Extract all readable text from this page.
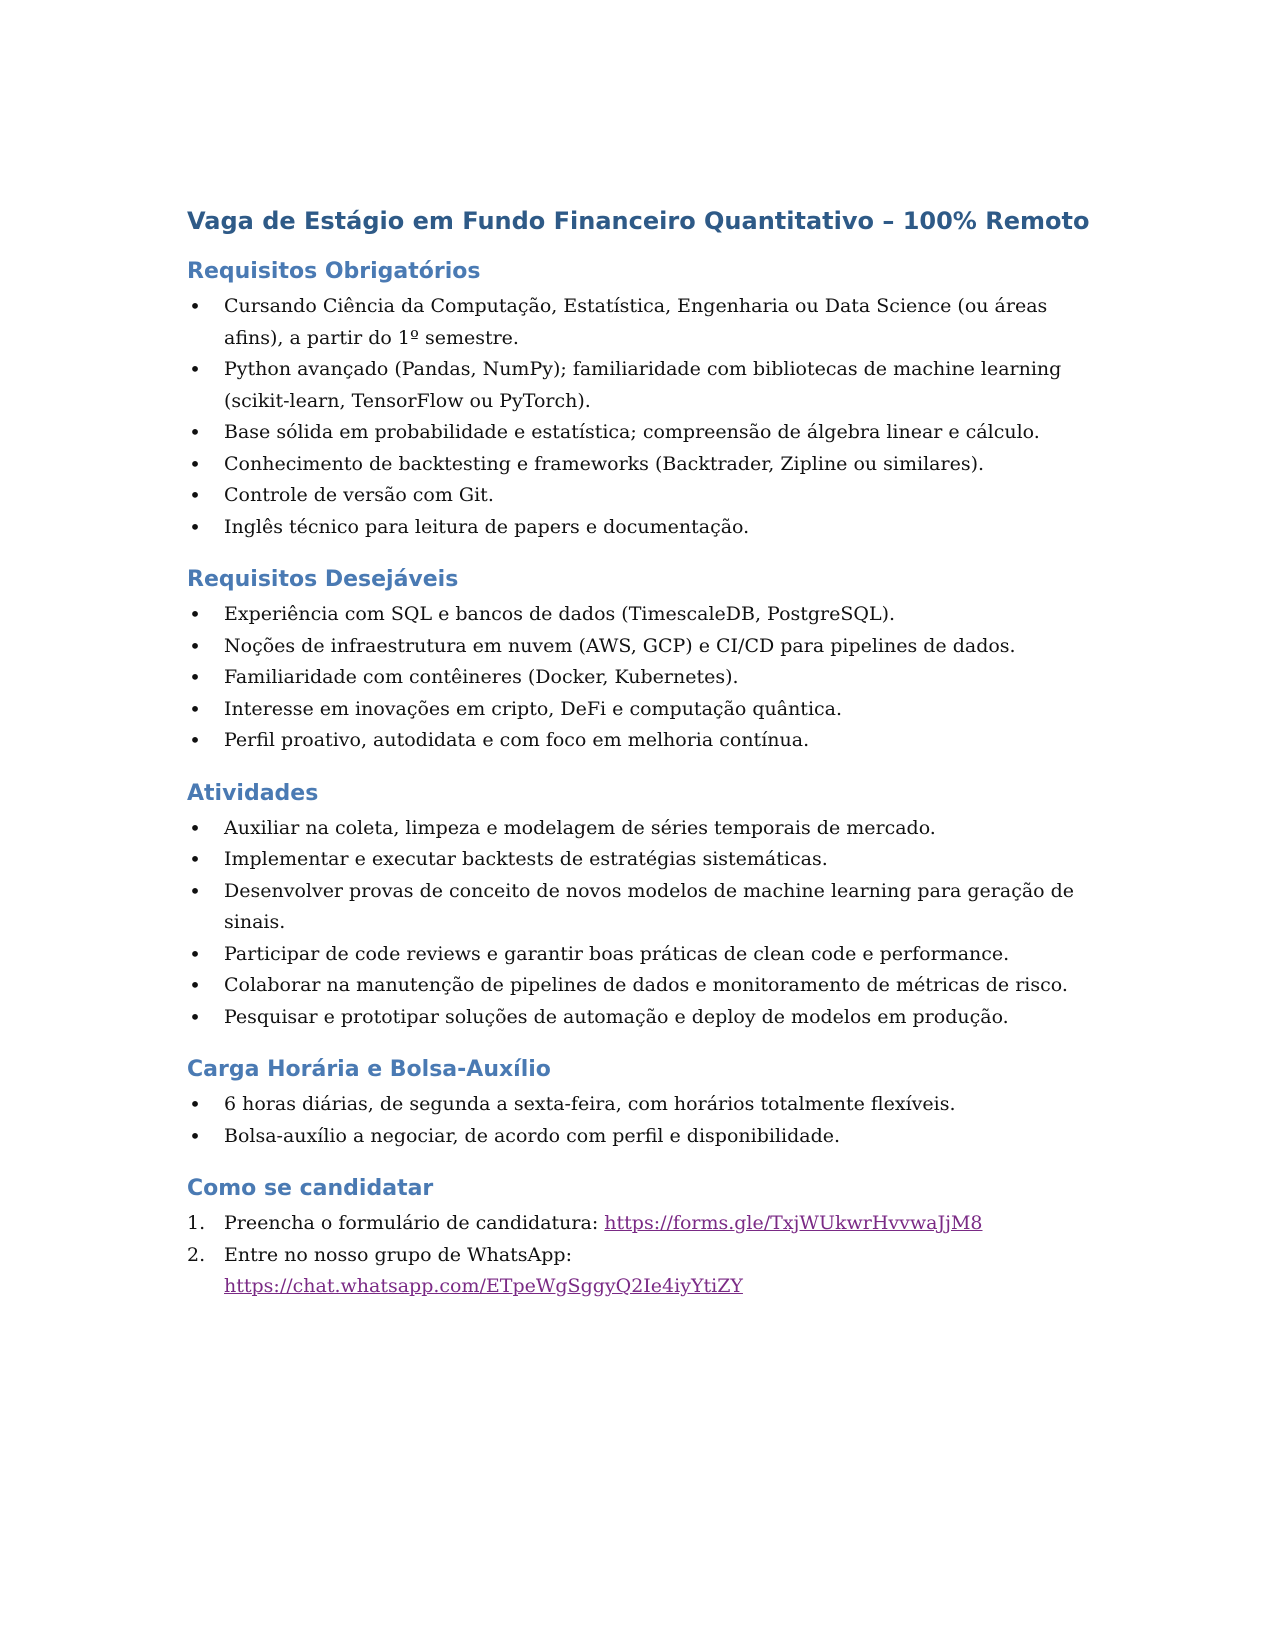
Vaga de Estágio em Fundo Financeiro Quantitativo – 100% Remoto
Requisitos Obrigatórios
• Cursando Ciência da Computação, Estatística, Engenharia ou Data Science (ou áreas afins), a partir do 1º semestre.
• Python avançado (Pandas, NumPy); familiaridade com bibliotecas de machine learning (scikit-learn, TensorFlow ou PyTorch).
• Base sólida em probabilidade e estatística; compreensão de álgebra linear e cálculo.
• Conhecimento de backtesting e frameworks (Backtrader, Zipline ou similares).
• Controle de versão com Git.
• Inglês técnico para leitura de papers e documentação.
Requisitos Desejáveis
• Experiência com SQL e bancos de dados (TimescaleDB, PostgreSQL).
• Noções de infraestrutura em nuvem (AWS, GCP) e CI/CD para pipelines de dados.
• Familiaridade com contêineres (Docker, Kubernetes).
• Interesse em inovações em cripto, DeFi e computação quântica.
• Perfil proativo, autodidata e com foco em melhoria contínua.
Atividades
• Auxiliar na coleta, limpeza e modelagem de séries temporais de mercado.
• Implementar e executar backtests de estratégias sistemáticas.
• Desenvolver provas de conceito de novos modelos de machine learning para geração de sinais.
• Participar de code reviews e garantir boas práticas de clean code e performance.
• Colaborar na manutenção de pipelines de dados e monitoramento de métricas de risco.
• Pesquisar e prototipar soluções de automação e deploy de modelos em produção.
Carga Horária e Bolsa-Auxílio
• 6 horas diárias, de segunda a sexta-feira, com horários totalmente flexíveis.
• Bolsa-auxílio a negociar, de acordo com perfil e disponibilidade.
Como se candidatar
1. Preencha o formulário de candidatura: https://forms.gle/TxjWUkwrHvvwaJjM8
2. Entre no nosso grupo de WhatsApp:
https://chat.whatsapp.com/ETpeWgSggyQ2Ie4iyYtiZY
